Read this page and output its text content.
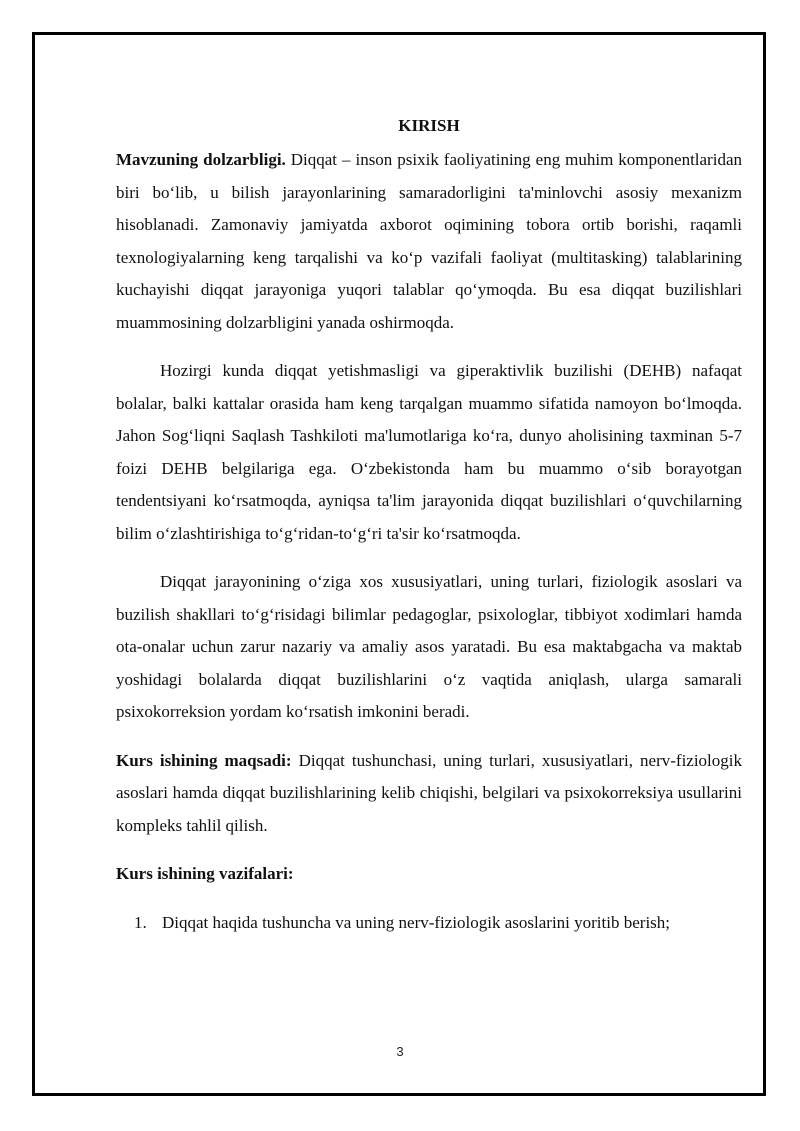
KIRISH

Mavzuning dolzarbligi. Diqqat – inson psixik faoliyatining eng muhim komponentlaridan biri bo‘lib, u bilish jarayonlarining samaradorligini ta'minlovchi asosiy mexanizm hisoblanadi. Zamonaviy jamiyatda axborot oqimining tobora ortib borishi, raqamli texnologiyalarning keng tarqalishi va ko‘p vazifali faoliyat (multitasking) talablarining kuchayishi diqqat jarayoniga yuqori talablar qo‘ymoqda. Bu esa diqqat buzilishlari muammosining dolzarbligini yanada oshirmoqda.

Hozirgi kunda diqqat yetishmasligi va giperaktivlik buzilishi (DEHB) nafaqat bolalar, balki kattalar orasida ham keng tarqalgan muammo sifatida namoyon bo‘lmoqda. Jahon Sog‘liqni Saqlash Tashkiloti ma'lumotlariga ko‘ra, dunyo aholisining taxminan 5-7 foizi DEHB belgilariga ega. O‘zbekistonda ham bu muammo o‘sib borayotgan tendentsiyani ko‘rsatmoqda, ayniqsa ta'lim jarayonida diqqat buzilishlari o‘quvchilarning bilim o‘zlashtirishiga to‘g‘ridan-to‘g‘ri ta'sir ko‘rsatmoqda.

Diqqat jarayonining o‘ziga xos xususiyatlari, uning turlari, fiziologik asoslari va buzilish shakllari to‘g‘risidagi bilimlar pedagoglar, psixologlar, tibbiyot xodimlari hamda ota-onalar uchun zarur nazariy va amaliy asos yaratadi. Bu esa maktabgacha va maktab yoshidagi bolalarda diqqat buzilishlarini o‘z vaqtida aniqlash, ularga samarali psixokorreksion yordam ko‘rsatish imkonini beradi.

Kurs ishining maqsadi: Diqqat tushunchasi, uning turlari, xususiyatlari, nerv-fiziologik asoslari hamda diqqat buzilishlarining kelib chiqishi, belgilari va psixokorreksiya usullarini kompleks tahlil qilish.

Kurs ishining vazifalari:

1. Diqqat haqida tushuncha va uning nerv-fiziologik asoslarini yoritib berish;
3
